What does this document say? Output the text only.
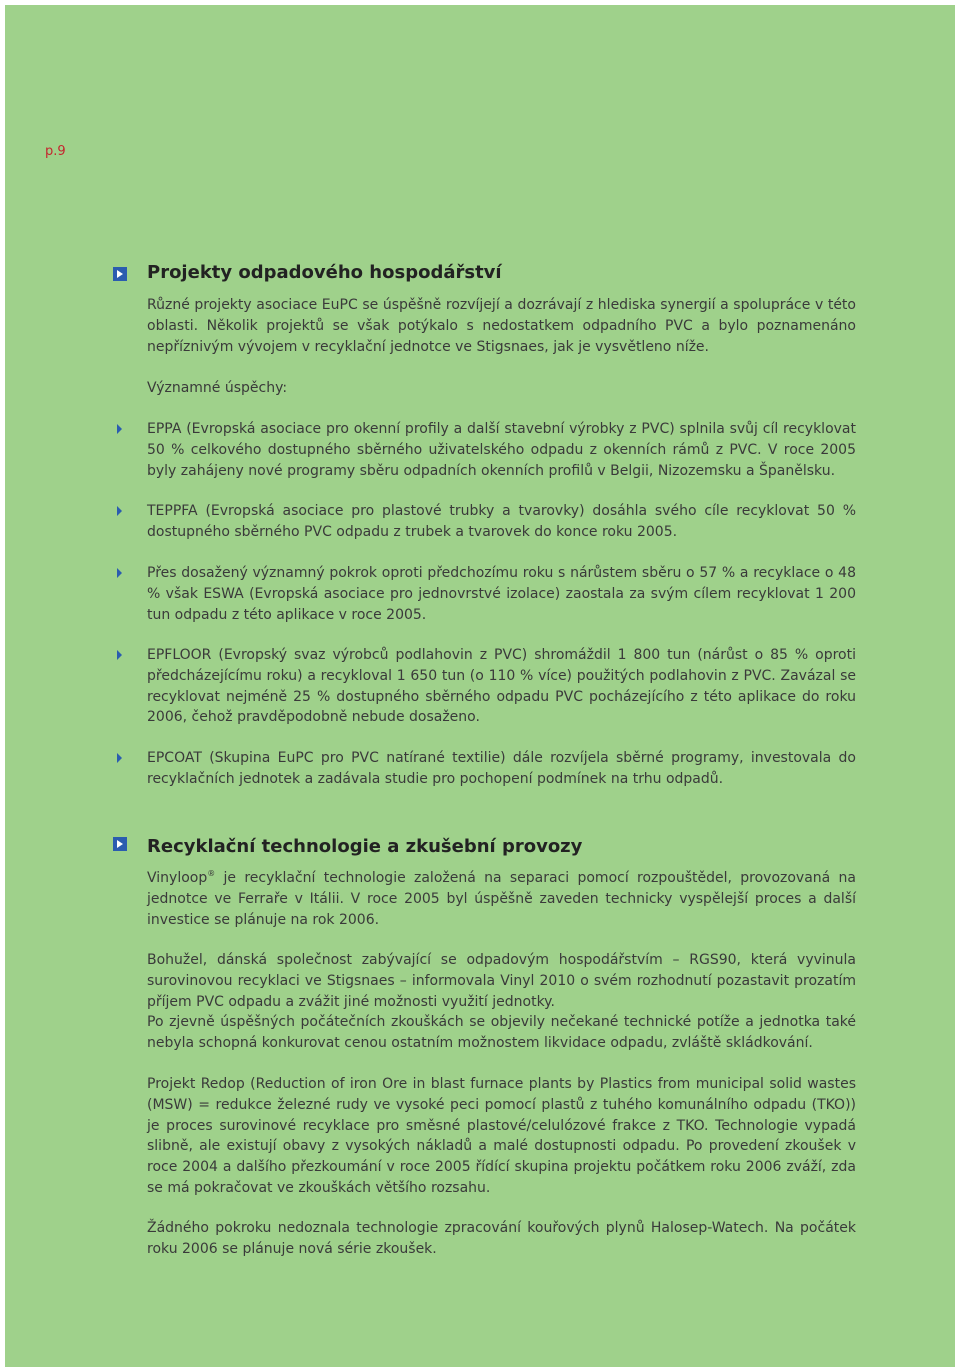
p.9
Projekty odpadového hospodářství

Různé projekty asociace EuPC se úspěšně rozvíjejí a dozrávají z hlediska synergií a spolupráce v této oblasti. Několik projektů se však potýkalo s nedostatkem odpadního PVC a bylo poznamenáno nepříznivým vývojem v recyklační jednotce ve Stigsnaes, jak je vysvětleno níže.

Významné úspěchy:

EPPA (Evropská asociace pro okenní profily a další stavební výrobky z PVC) splnila svůj cíl recyklovat 50 % celkového dostupného sběrného uživatelského odpadu z okenních rámů z PVC. V roce 2005 byly zahájeny nové programy sběru odpadních okenních profilů v Belgii, Nizozemsku a Španělsku.

TEPPFA (Evropská asociace pro plastové trubky a tvarovky) dosáhla svého cíle recyklovat 50 % dostupného sběrného PVC odpadu z trubek a tvarovek do konce roku 2005.

Přes dosažený významný pokrok oproti předchozímu roku s nárůstem sběru o 57 % a recyklace o 48 % však ESWA (Evropská asociace pro jednovrstvé izolace) zaostala za svým cílem recyklovat 1 200 tun odpadu z této aplikace v roce 2005.

EPFLOOR (Evropský svaz výrobců podlahovin z PVC) shromáždil 1 800 tun (nárůst o 85 % oproti předcházejícímu roku) a recykloval 1 650 tun (o 110 % více) použitých podlahovin z PVC. Zavázal se recyklovat nejméně 25 % dostupného sběrného odpadu PVC pocházejícího z této aplikace do roku 2006, čehož pravděpodobně nebude dosaženo.

EPCOAT (Skupina EuPC pro PVC natírané textilie) dále rozvíjela sběrné programy, investovala do recyklačních jednotek a zadávala studie pro pochopení podmínek na trhu odpadů.

Recyklační technologie a zkušební provozy

Vinyloop® je recyklační technologie založená na separaci pomocí rozpouštědel, provozovaná na jednotce ve Ferraře v Itálii. V roce 2005 byl úspěšně zaveden technicky vyspělejší proces a další investice se plánuje na rok 2006.

Bohužel, dánská společnost zabývající se odpadovým hospodářstvím – RGS90, která vyvinula surovinovou recyklaci ve Stigsnaes – informovala Vinyl 2010 o svém rozhodnutí pozastavit prozatím příjem PVC odpadu a zvážit jiné možnosti využití jednotky.

Po zjevně úspěšných počátečních zkouškách se objevily nečekané technické potíže a jednotka také nebyla schopná konkurovat cenou ostatním možnostem likvidace odpadu, zvláště skládkování.

Projekt Redop (Reduction of iron Ore in blast furnace plants by Plastics from municipal solid wastes (MSW) = redukce železné rudy ve vysoké peci pomocí plastů z tuhého komunálního odpadu (TKO)) je proces surovinové recyklace pro směsné plastové/celulózové frakce z TKO. Technologie vypadá slibně, ale existují obavy z vysokých nákladů a malé dostupnosti odpadu. Po provedení zkoušek v roce 2004 a dalšího přezkoumání v roce 2005 řídící skupina projektu počátkem roku 2006 zváží, zda se má pokračovat ve zkouškách většího rozsahu.

Žádného pokroku nedoznala technologie zpracování kouřových plynů Halosep-Watech. Na počátek roku 2006 se plánuje nová série zkoušek.
